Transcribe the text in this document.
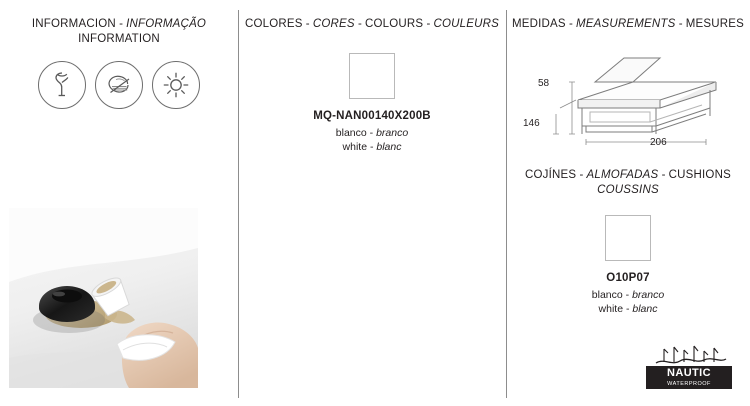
INFORMACION - INFORMAÇÃO
INFORMATION
COLORES - CORES - COLOURS - COULEURS
MQ-NAN00140X200B
blanco - branco
white - blanc
MEDIDAS - MEASUREMENTS - MESURES
58
146
206
COJÍNES - ALMOFADAS - CUSHIONS
COUSSINS
O10P07
blanco - branco
white - blanc
NAUTIC
WATERPROOF
